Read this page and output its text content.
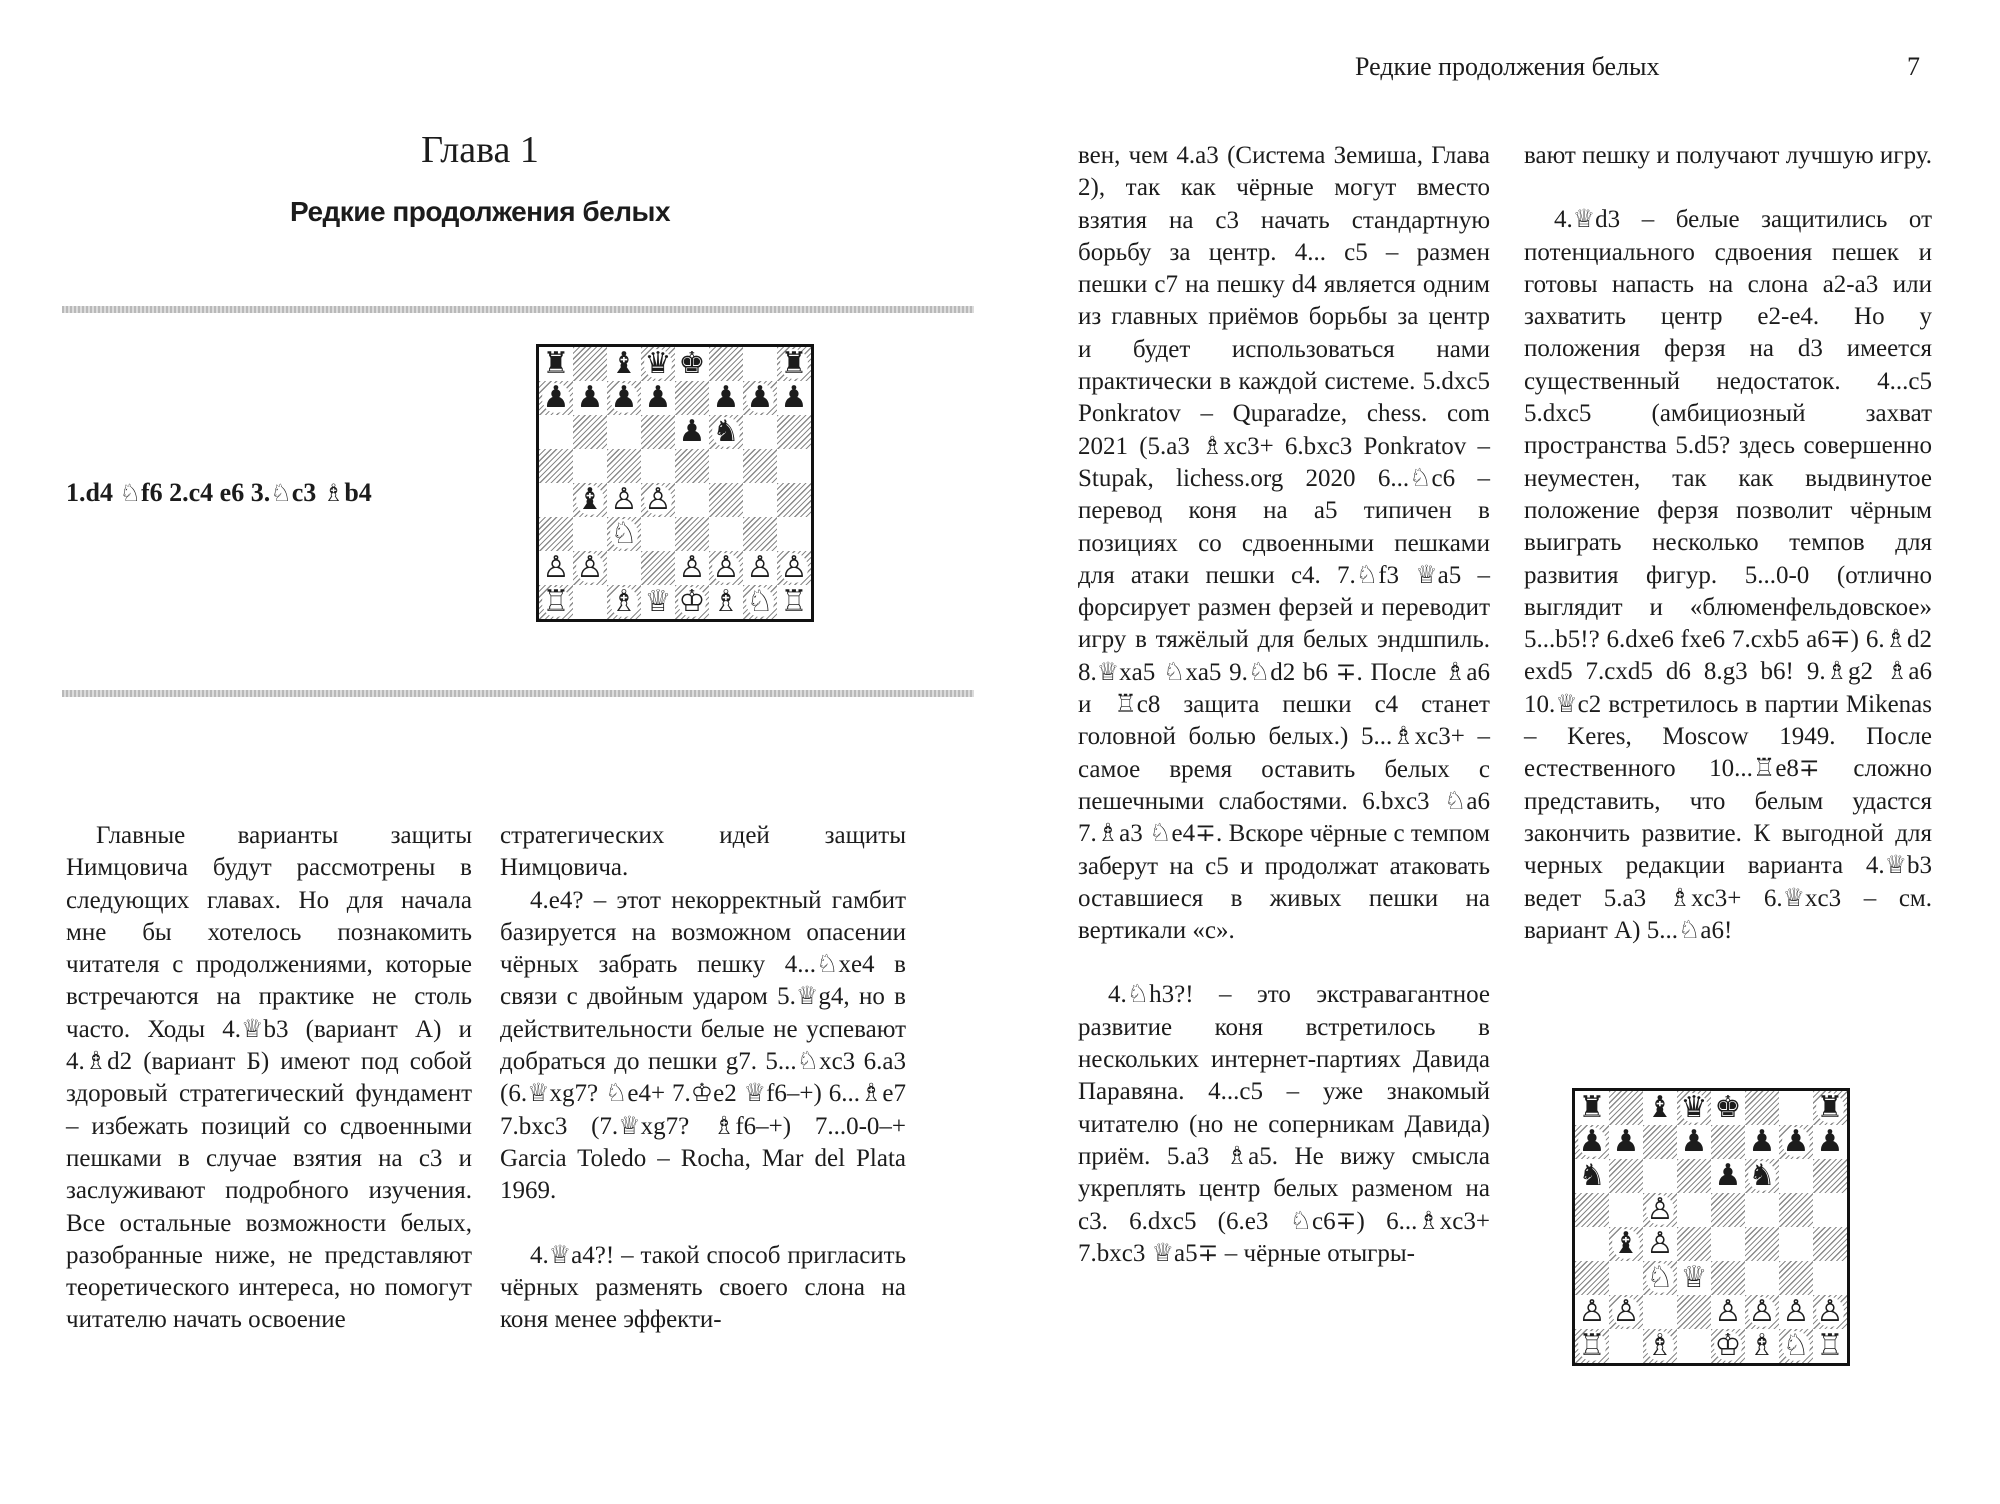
Редкие продолжения белых	7
Глава 1
Редкие продолжения белых
1.d4 ♘f6 2.c4 e6 3.♘c3 ♗b4
♜ ♝ ♛ ♚	♜
♟ ♟ ♟ ♟ ♟ ♟ ♟
♟ ♞
♝ ♙ ♙
♘
♙ ♙	♙ ♙ ♙ ♙
♖ ♗ ♕ ♔ ♗ ♘ ♖
♜ ♝ ♛ ♚	♜
♟ ♟ ♟ ♟ ♟ ♟
♞	♟ ♞
♙
♝ ♙
♘ ♕
♙ ♙	♙ ♙ ♙ ♙
♖ ♗ ♔ ♗ ♘ ♖

Главные варианты защиты Нимцовича будут рассмотрены в следующих главах. Но для начала мне бы хотелось познакомить читателя с продолжениями, которые встречаются на практике не столь часто. Ходы 4.♕b3 (вариант А) и 4.♗d2 (вариант Б) имеют под собой здоровый стратегический фундамент – избежать позиций со сдвоенными пешками в случае взятия на c3 и заслуживают подробного изучения. Все остальные возможности белых, разобранные ниже, не представляют теоретического интереса, но помогут читателю начать освоение

стратегических идей защиты Нимцовича.

4.e4? – этот некорректный гамбит базируется на возможном опасении чёрных забрать пешку 4...♘xe4 в связи с двойным ударом 5.♕g4, но в действительности белые не успевают добраться до пешки g7. 5...♘xc3 6.a3 (6.♕xg7? ♘e4+ 7.♔e2 ♕f6–+) 6...♗e7 7.bxc3 (7.♕xg7? ♗f6–+) 7...0-0–+ Garcia Toledo – Rocha, Mar del Plata 1969.

4.♕a4?! – такой способ пригласить чёрных разменять своего слона на коня менее эффекти-

вен, чем 4.a3 (Система Земиша, Глава 2), так как чёрные могут вместо взятия на c3 начать стандартную борьбу за центр. 4... c5 – размен пешки c7 на пешку d4 является одним из главных приёмов борьбы за центр и будет использоваться нами практически в каждой системе. 5.dxc5 Ponkratov – Quparadze, chess. com 2021 (5.a3 ♗xc3+ 6.bxc3 Ponkratov – Stupak, lichess.org 2020 6...♘c6 – перевод коня на a5 типичен в позициях со сдвоенными пешками для атаки пешки c4. 7.♘f3 ♕a5 – форсирует размен ферзей и переводит игру в тяжёлый для белых эндшпиль. 8.♕xa5 ♘xa5 9.♘d2 b6 ∓. После ♗a6 и ♖c8 защита пешки c4 станет головной болью белых.) 5...♗xc3+ – самое время оставить белых с пешечными слабостями. 6.bxc3 ♘a6 7.♗a3 ♘e4∓. Вскоре чёрные с темпом заберут на c5 и продолжат атаковать оставшиеся в живых пешки на вертикали «c».

4.♘h3?! – это экстравагантное развитие коня встретилось в нескольких интернет-партиях Давида Паравяна. 4...c5 – уже знакомый читателю (но не соперникам Давида) приём. 5.a3 ♗a5. Не вижу смысла укреплять центр белых разменом на c3. 6.dxc5 (6.e3 ♘c6∓) 6...♗xc3+ 7.bxc3 ♕a5∓ – чёрные отыгры-

вают пешку и получают лучшую игру.

4.♕d3 – белые защитились от потенциального сдвоения пешек и готовы напасть на слона a2-a3 или захватить центр e2-e4. Но у положения ферзя на d3 имеется существенный недостаток. 4...c5 5.dxc5 (амбициозный захват пространства 5.d5? здесь совершенно неуместен, так как выдвинутое положение ферзя позволит чёрным выиграть несколько темпов для развития фигур. 5...0-0 (отлично выглядит и «блюменфельдовское» 5...b5!? 6.dxe6 fxe6 7.cxb5 a6∓) 6.♗d2 exd5 7.cxd5 d6 8.g3 b6! 9.♗g2 ♗a6 10.♕c2 встретилось в партии Mikenas – Keres, Moscow 1949. После естественного 10...♖e8∓ сложно представить, что белым удастся закончить развитие. К выгодной для черных редакции варианта 4.♕b3 ведет 5.a3 ♗xc3+ 6.♕xc3 – см. вариант А) 5...♘a6!
